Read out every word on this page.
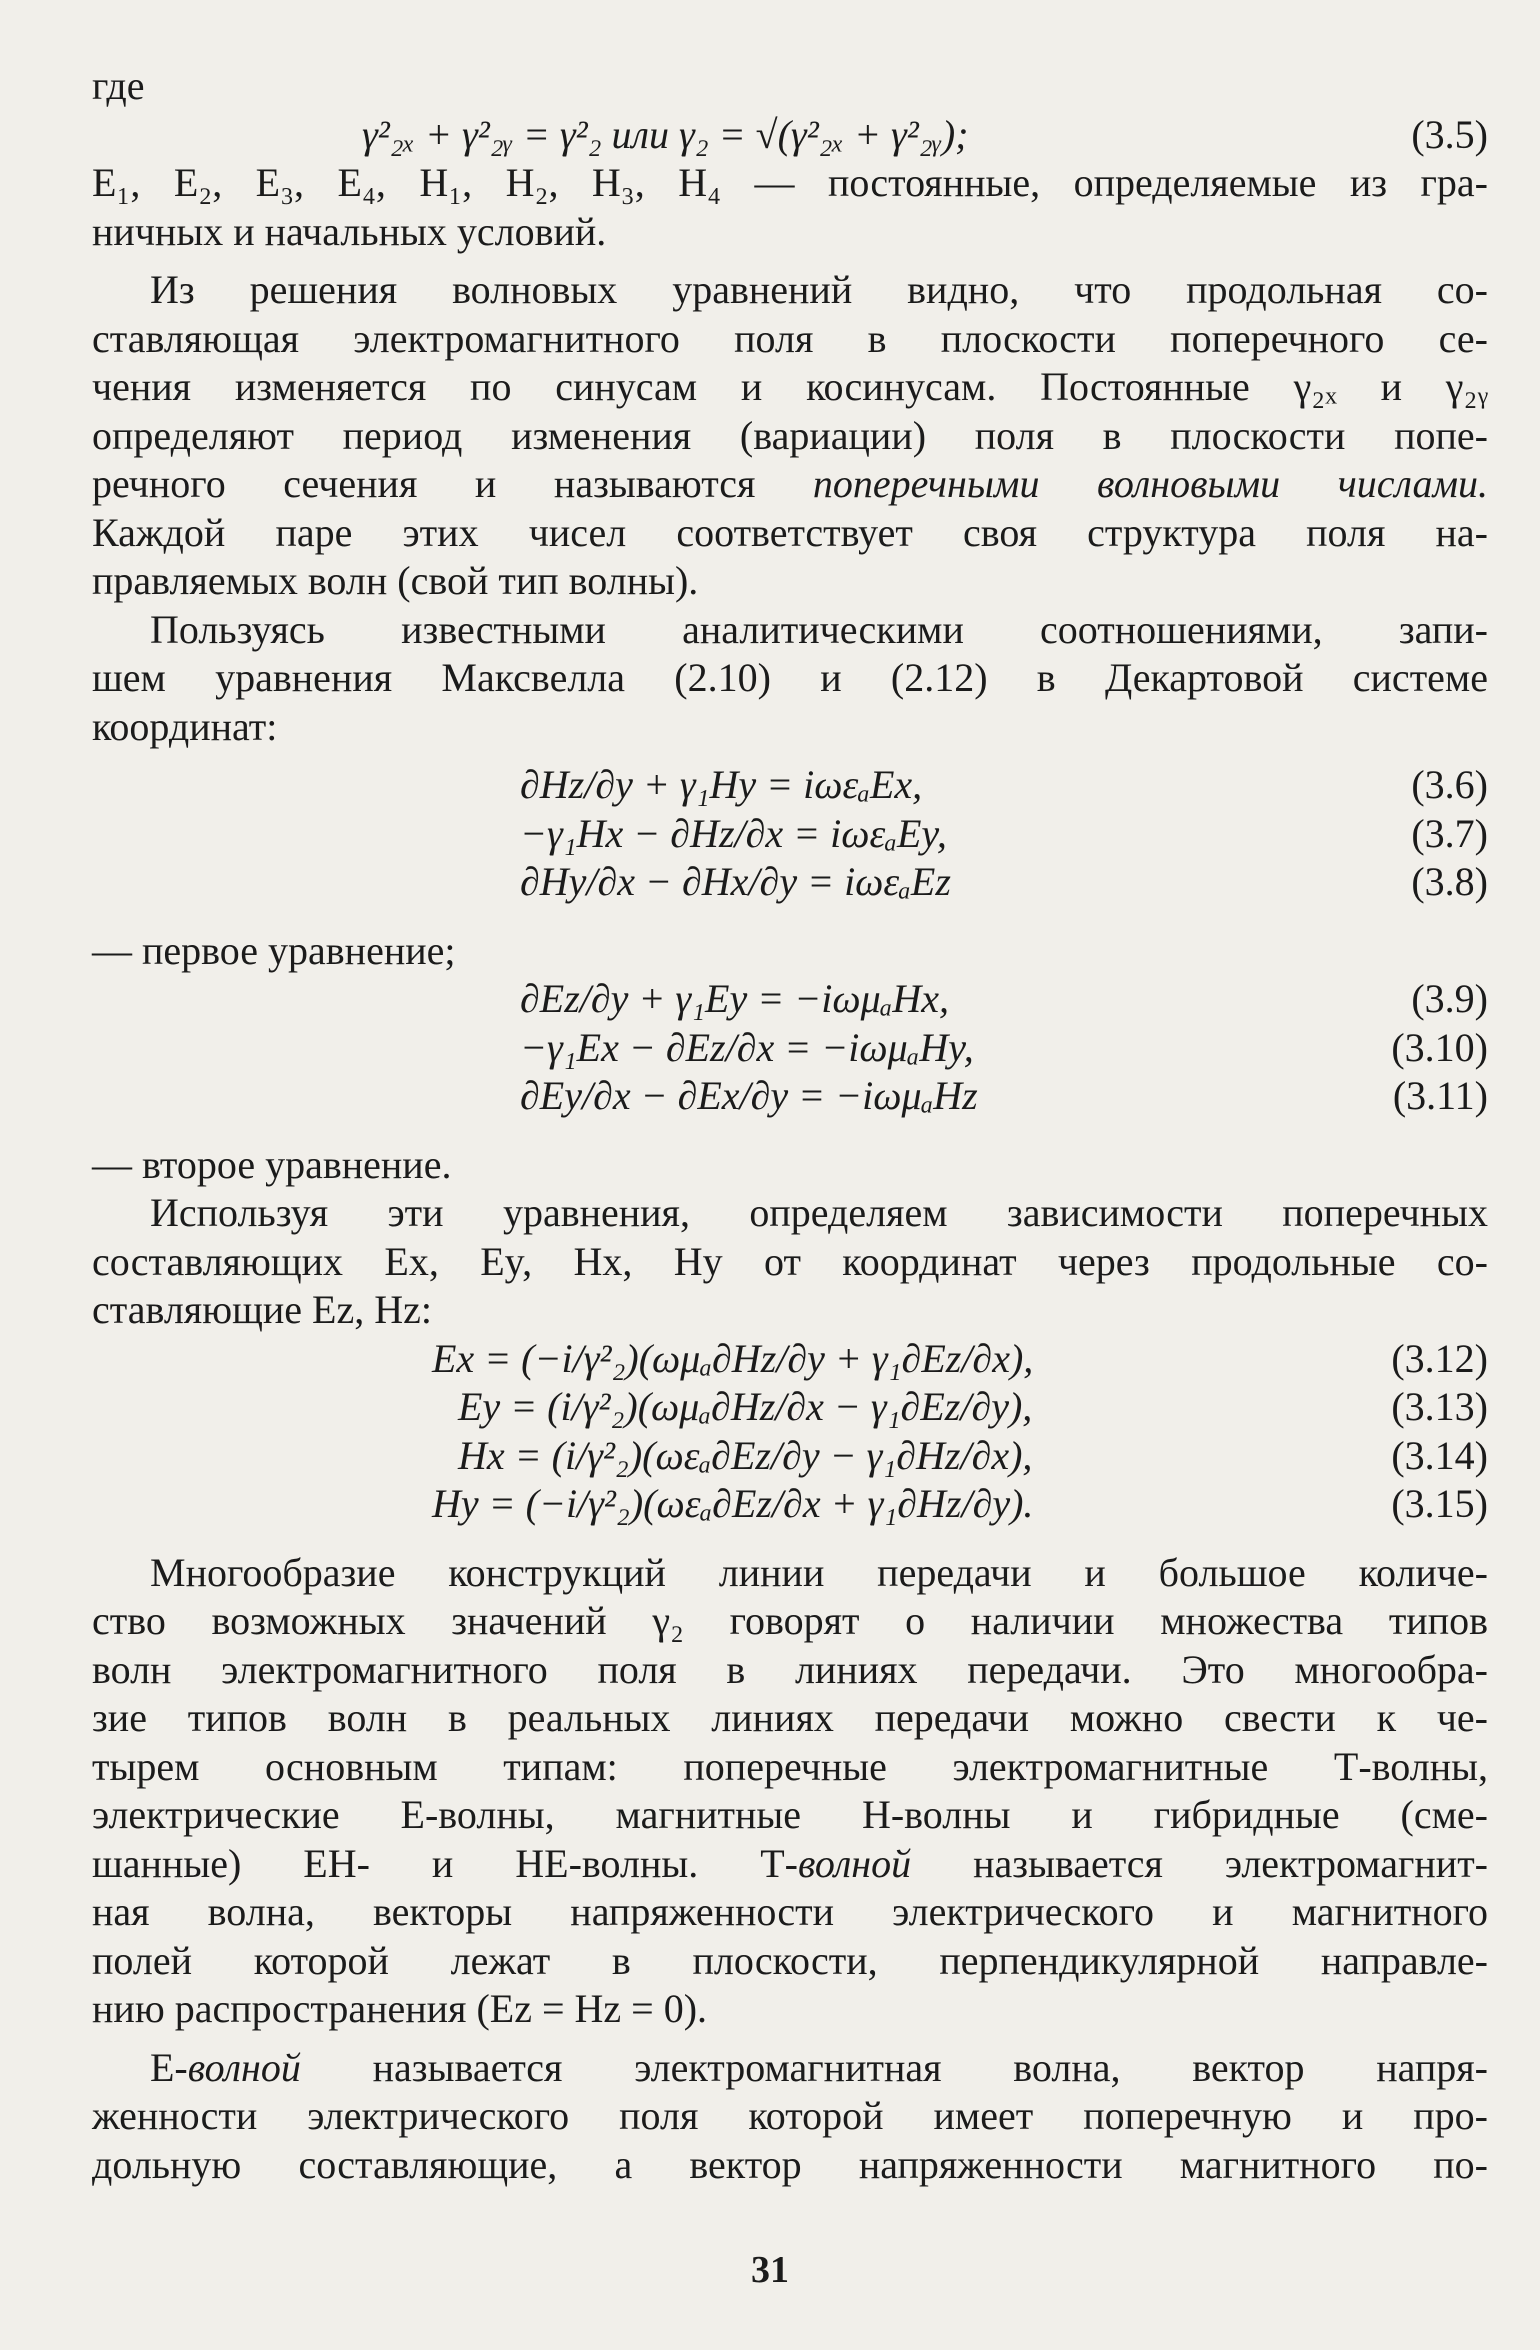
где
γ²₂ₓ + γ²₂ᵧ = γ²₂ или γ₂ = √(γ²₂ₓ + γ²₂ᵧ);	(3.5)
E₁, E₂, E₃, E₄, H₁, H₂, H₃, H₄ — постоянные, определяемые из гра-
ничных и начальных условий.
Из решения волновых уравнений видно, что продольная со-
ставляющая электромагнитного поля в плоскости поперечного се-
чения изменяется по синусам и косинусам. Постоянные γ₂ₓ и γ₂ᵧ
определяют период изменения (вариации) поля в плоскости попе-
речного сечения и называются поперечными волновыми числами.
Каждой паре этих чисел соответствует своя структура поля на-
правляемых волн (свой тип волны).
Пользуясь известными аналитическими соотношениями, запи-
шем уравнения Максвелла (2.10) и (2.12) в Декартовой системе
координат:
∂Hz/∂y + γ₁Hy = iωεₐEx,	(3.6)
−γ₁Hx − ∂Hz/∂x = iωεₐEy,	(3.7)
∂Hy/∂x − ∂Hx/∂y = iωεₐEz	(3.8)
— первое уравнение;
∂Ez/∂y + γ₁Ey = −iωμₐHx,	(3.9)
−γ₁Ex − ∂Ez/∂x = −iωμₐHy,	(3.10)
∂Ey/∂x − ∂Ex/∂y = −iωμₐHz	(3.11)
— второе уравнение.
Используя эти уравнения, определяем зависимости поперечных
составляющих Ex, Ey, Hx, Hy от координат через продольные со-
ставляющие Ez, Hz:
Ex = (−i/γ²₂)(ωμₐ∂Hz/∂y + γ₁∂Ez/∂x),	(3.12)
Ey = (i/γ²₂)(ωμₐ∂Hz/∂x − γ₁∂Ez/∂y),	(3.13)
Hx = (i/γ²₂)(ωεₐ∂Ez/∂y − γ₁∂Hz/∂x),	(3.14)
Hy = (−i/γ²₂)(ωεₐ∂Ez/∂x + γ₁∂Hz/∂y).	(3.15)
Многообразие конструкций линии передачи и большое количе-
ство возможных значений γ₂ говорят о наличии множества типов
волн электромагнитного поля в линиях передачи. Это многообра-
зие типов волн в реальных линиях передачи можно свести к че-
тырем основным типам: поперечные электромагнитные Т-волны,
электрические Е-волны, магнитные Н-волны и гибридные (сме-
шанные) ЕН- и НЕ-волны. Т-волной называется электромагнит-
ная волна, векторы напряженности электрического и магнитного
полей которой лежат в плоскости, перпендикулярной направле-
нию распространения (Ez = Hz = 0).
Е-волной называется электромагнитная волна, вектор напря-
женности электрического поля которой имеет поперечную и про-
дольную составляющие, а вектор напряженности магнитного по-
31
